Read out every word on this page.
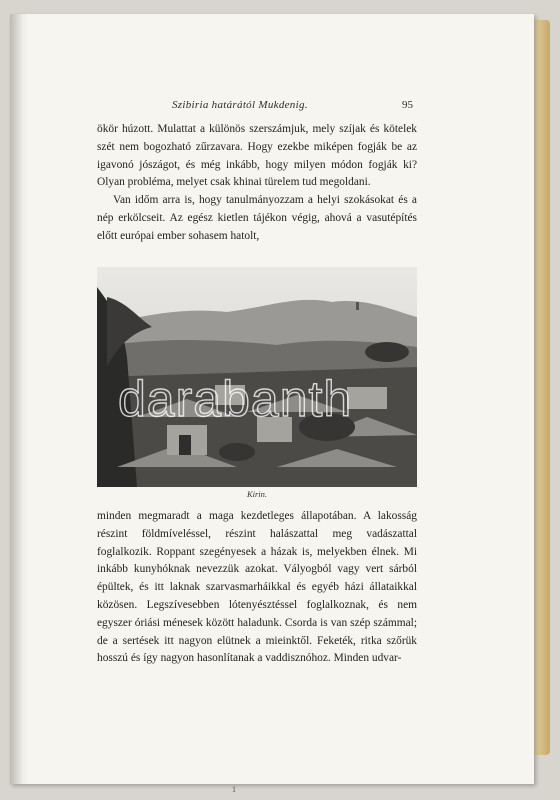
Szibiria határától Mukdenig.	95

ökör húzott. Mulattat a különös szerszámjuk, mely szíjak és kötelek szét nem bogozható zűrzavara. Hogy ezekbe miképen fogják be az igavonó jószágot, és még inkább, hogy milyen módon fogják ki? Olyan probléma, melyet csak khinai türelem tud megoldani.

Van időm arra is, hogy tanulmányozzam a helyi szokásokat és a nép erkölcseit. Az egész kietlen tájékon végig, ahová a vasutépítés előtt európai ember sohasem hatolt,

darabanth
Kirin.

minden megmaradt a maga kezdetleges állapotában. A lakosság részint földmíveléssel, részint halászattal meg vadászattal foglalkozik. Roppant szegényesek a házak is, melyekben élnek. Mi inkább kunyhóknak nevezzük azokat. Vályogból vagy vert sárból épültek, és itt laknak szarvasmarháikkal és egyéb házi állataikkal közösen. Legszívesebben lótenyésztéssel foglalkoznak, és nem egyszer óriási ménesek között haladunk. Csorda is van szép számmal; de a sertések itt nagyon elütnek a mieinktől. Feketék, ritka szőrük hosszú és így nagyon hasonlítanak a vaddisznóhoz. Minden udvar-

1
